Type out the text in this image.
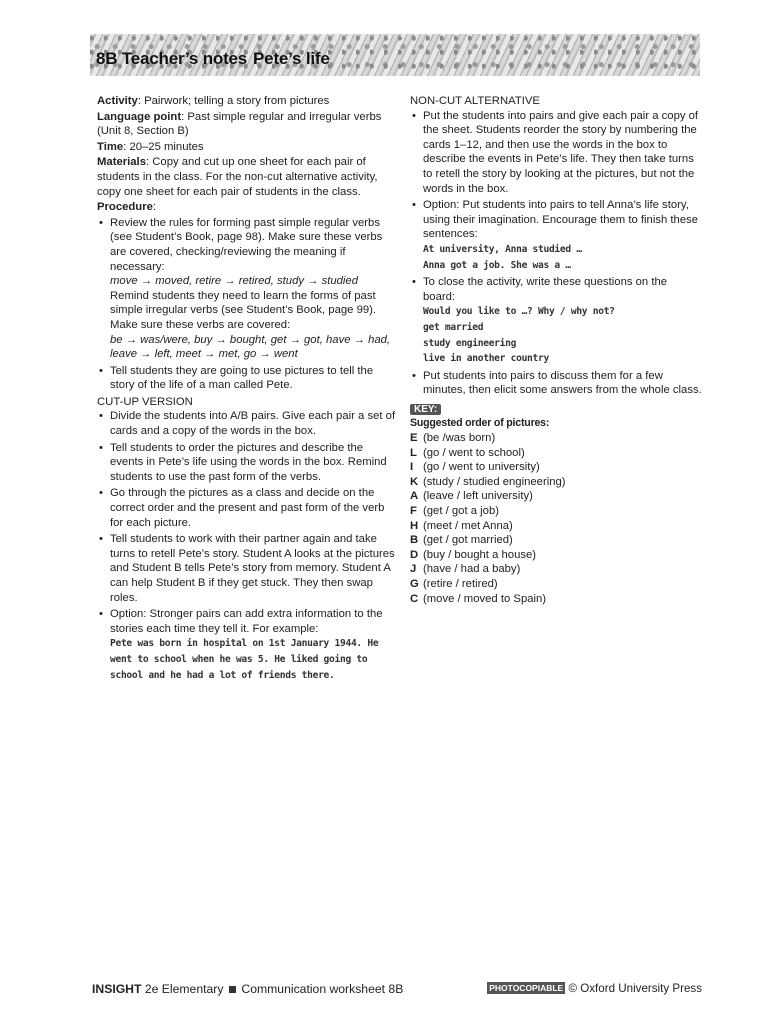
8B Teacher’s notes Pete’s life

Activity: Pairwork; telling a story from pictures

Language point: Past simple regular and irregular verbs (Unit 8, Section B)

Time: 20–25 minutes

Materials: Copy and cut up one sheet for each pair of students in the class. For the non-cut alternative activity, copy one sheet for each pair of students in the class.

Procedure:

• Review the rules for forming past simple regular verbs (see Student’s Book, page 98). Make sure these verbs are covered, checking/reviewing the meaning if necessary:
move → moved, retire → retired, study → studied
Remind students they need to learn the forms of past simple irregular verbs (see Student’s Book, page 99). Make sure these verbs are covered:
be → was/were, buy → bought, get → got, have → had, leave → left, meet → met, go → went
• Tell students they are going to use pictures to tell the story of the life of a man called Pete.

CUT-UP VERSION

• Divide the students into A/B pairs. Give each pair a set of cards and a copy of the words in the box.
• Tell students to order the pictures and describe the events in Pete’s life using the words in the box. Remind students to use the past form of the verbs.
• Go through the pictures as a class and decide on the correct order and the present and past form of the verb for each picture.
• Tell students to work with their partner again and take turns to retell Pete’s story. Student A looks at the pictures and Student B tells Pete’s story from memory. Student A can help Student B if they get stuck. They then swap roles.
• Option: Stronger pairs can add extra information to the stories each time they tell it. For example:
Pete was born in hospital on 1st January 1944. He went to school when he was 5. He liked going to school and he had a lot of friends there.

NON-CUT ALTERNATIVE

• Put the students into pairs and give each pair a copy of the sheet. Students reorder the story by numbering the cards 1–12, and then use the words in the box to describe the events in Pete’s life. They then take turns to retell the story by looking at the pictures, but not the words in the box.
• Option: Put students into pairs to tell Anna’s life story, using their imagination. Encourage them to finish these sentences:
At university, Anna studied …
Anna got a job. She was a …
• To close the activity, write these questions on the board:
Would you like to …? Why / why not?
get married
study engineering
live in another country
• Put students into pairs to discuss them for a few minutes, then elicit some answers from the whole class.
KEY:
Suggested order of pictures:
E (be /was born)
L (go / went to school)
I (go / went to university)
K (study / studied engineering)
A (leave / left university)
F (get / got a job)
H (meet / met Anna)
B (get / got married)
D (buy / bought a house)
J (have / had a baby)
G (retire / retired)
C (move / moved to Spain)
INSIGHT 2e Elementary Communication worksheet 8B	PHOTOCOPIABLE © Oxford University Press
